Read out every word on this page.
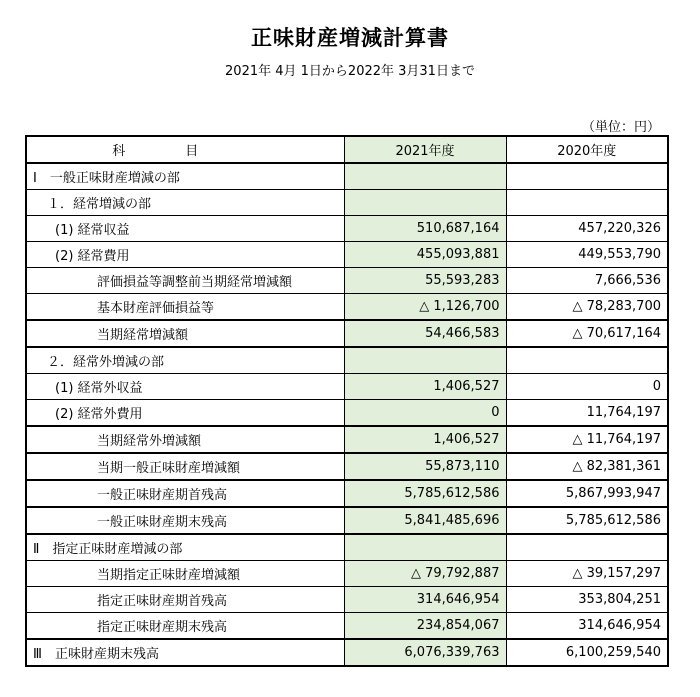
正味財産増減計算書
2021年 4月 1日から2022年 3月31日まで
（単位：円）
科目	2021年度	2020年度
Ⅰ　一般正味財産増減の部		
１．経常増減の部		
(1) 経常収益	510,687,164	457,220,326
(2) 経常費用	455,093,881	449,553,790
評価損益等調整前当期経常増減額	55,593,283	7,666,536
基本財産評価損益等	△ 1,126,700	△ 78,283,700
当期経常増減額	54,466,583	△ 70,617,164
２．経常外増減の部		
(1) 経常外収益	1,406,527	0
(2) 経常外費用	0	11,764,197
当期経常外増減額	1,406,527	△ 11,764,197
当期一般正味財産増減額	55,873,110	△ 82,381,361
一般正味財産期首残高	5,785,612,586	5,867,993,947
一般正味財産期末残高	5,841,485,696	5,785,612,586
Ⅱ　指定正味財産増減の部		
当期指定正味財産増減額	△ 79,792,887	△ 39,157,297
指定正味財産期首残高	314,646,954	353,804,251
指定正味財産期末残高	234,854,067	314,646,954
Ⅲ　正味財産期末残高	6,076,339,763	6,100,259,540
